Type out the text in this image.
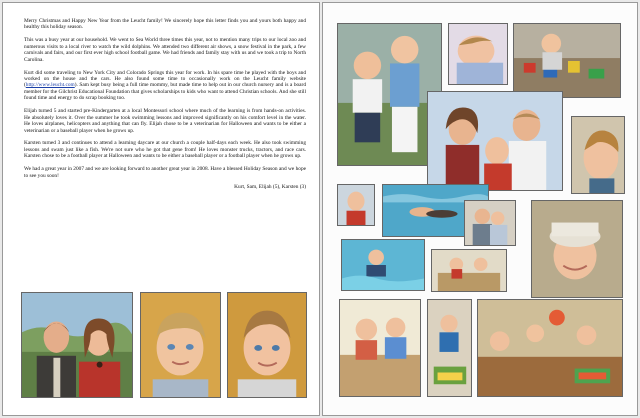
Merry Christmas and Happy New Year from the Leucht family! We sincerely hope this letter finds you and yours both happy and healthy this holiday season.

This was a busy year at our household. We went to Sea World three times this year, not to mention many trips to our local zoo and numerous visits to a local river to watch the wild dolphins. We attended two different air shows, a snow festival in the park, a few carnivals and fairs, and our first ever high school football game. We had friends and family stay with us and we took a trip to North Carolina.

Kurt did some traveling to New York City and Colorado Springs this year for work. In his spare time he played with the boys and worked on the house and the cars. He also found some time to occasionally work on the Leucht family website (http://www.leucht.com). Sam kept busy being a full time mommy, but made time to help out in our church nursery and is a board member for the Gilchrist Educational Foundation that gives scholarships to kids who want to attend Christian schools. And she still found time and energy to do scrap booking too.

Elijah turned 5 and started pre-Kindergarten at a local Montessori school where much of the learning is from hands-on activities. He absolutely loves it. Over the summer he took swimming lessons and improved significantly on his comfort level in the water. He loves airplanes, helicopters and anything that can fly. Elijah chose to be a veterinarian for Halloween and wants to be either a veterinarian or a baseball player when he grows up.

Karsten turned 3 and continues to attend a learning daycare at our church a couple half-days each week. He also took swimming lessons and swam just like a fish. We're not sure who he got that gene from! He loves monster trucks, tractors, and race cars. Karsten chose to be a football player at Halloween and wants to be either a baseball player or a football player when he grows up.

We had a great year in 2007 and we are looking forward to another great year in 2008. Have a blessed Holiday Season and we hope to see you soon!

Kurt, Sam, Elijah (5), Karsten (3)
